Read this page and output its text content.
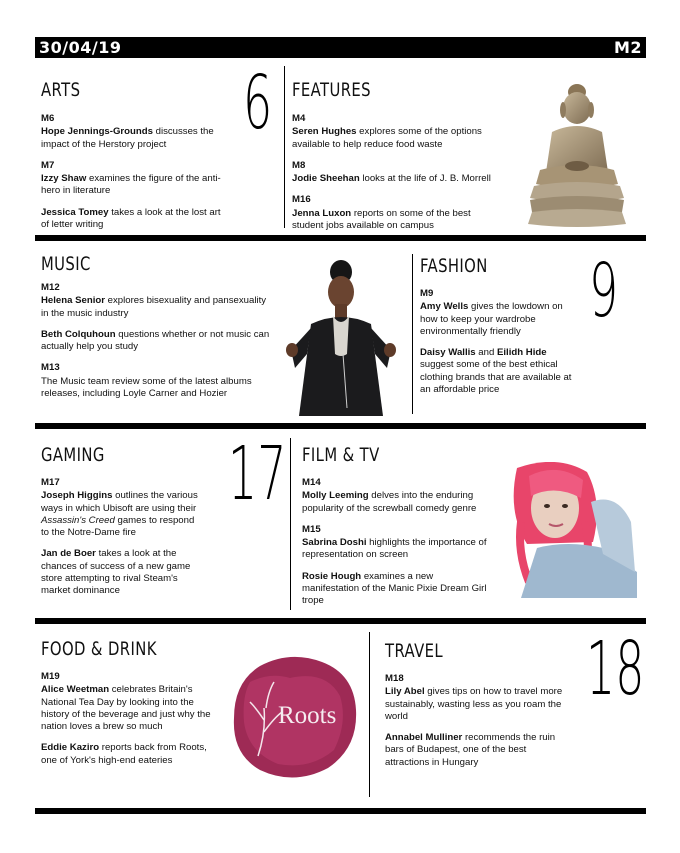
30/04/19	M2
ARTS 6
M6
Hope Jennings-Grounds discusses the impact of the Herstory project
M7
Izzy Shaw examines the figure of the anti-hero in literature
Jessica Tomey takes a look at the lost art of letter writing
FEATURES
M4
Seren Hughes explores some of the options available to help reduce food waste
M8
Jodie Sheehan looks at the life of J. B. Morrell
M16
Jenna Luxon reports on some of the best student jobs available on campus
MUSIC
M12
Helena Senior explores bisexuality and pansexuality in the music industry
Beth Colquhoun questions whether or not music can actually help you study
M13
The Music team review some of the latest albums releases, including Loyle Carner and Hozier
FASHION 9
M9
Amy Wells gives the lowdown on how to keep your wardrobe environmentally friendly
Daisy Wallis and Eilidh Hide suggest some of the best ethical clothing brands that are available at an affordable price
GAMING 17
M17
Joseph Higgins outlines the various ways in which Ubisoft are using their Assassin's Creed games to respond to the Notre-Dame fire
Jan de Boer takes a look at the chances of success of a new game store attempting to rival Steam's market dominance
FILM & TV
M14
Molly Leeming delves into the enduring popularity of the screwball comedy genre
M15
Sabrina Doshi highlights the importance of representation on screen
Rosie Hough examines a new manifestation of the Manic Pixie Dream Girl trope
FOOD & DRINK
M19
Alice Weetman celebrates Britain's National Tea Day by looking into the history of the beverage and just why the nation loves a brew so much
Eddie Kaziro reports back from Roots, one of York's high-end eateries
Roots
TRAVEL 18
M18
Lily Abel gives tips on how to travel more sustainably, wasting less as you roam the world
Annabel Mulliner recommends the ruin bars of Budapest, one of the best attractions in Hungary
